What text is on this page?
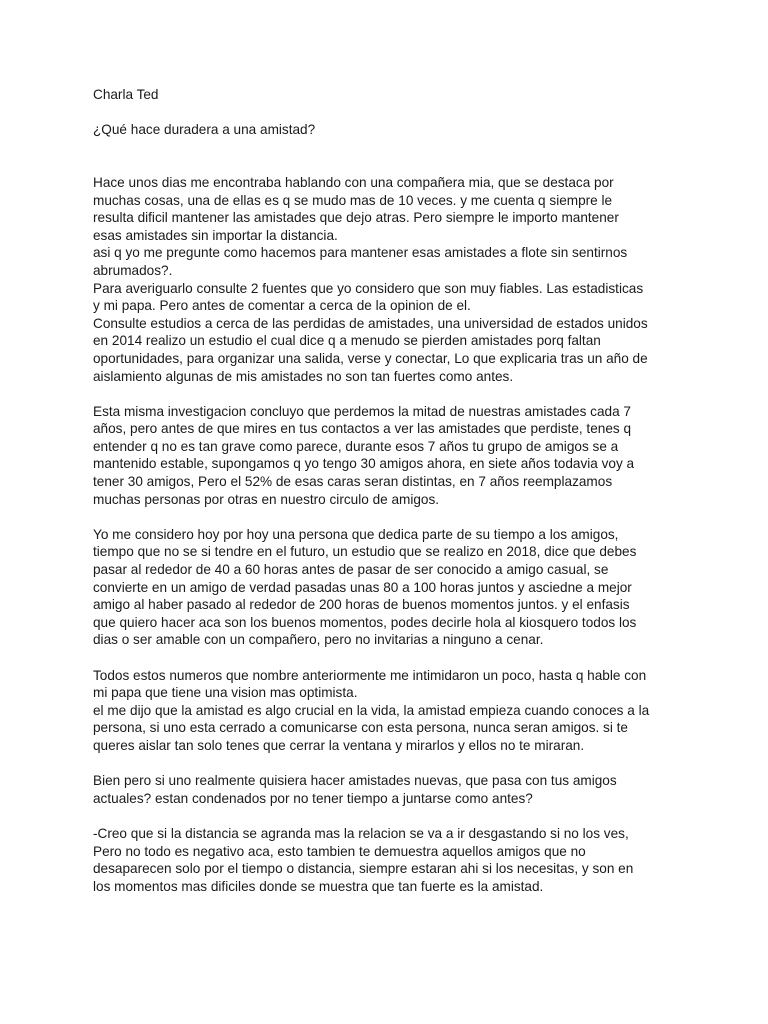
Charla Ted
¿Qué hace duradera a una amistad?
Hace unos dias me encontraba hablando con una compañera mia, que se destaca por
muchas cosas, una de ellas es q se mudo mas de 10 veces. y me cuenta q siempre le
resulta dificil mantener las amistades que dejo atras. Pero siempre le importo mantener
esas amistades sin importar la distancia.
asi q yo me pregunte como hacemos para mantener esas amistades a flote sin sentirnos
abrumados?.
Para averiguarlo consulte 2 fuentes que yo considero que son muy fiables. Las estadisticas
y mi papa. Pero antes de comentar a cerca de la opinion de el.
Consulte estudios a cerca de las perdidas de amistades, una universidad de estados unidos
en 2014 realizo un estudio el cual dice q a menudo se pierden amistades porq faltan
oportunidades, para organizar una salida, verse y conectar, Lo que explicaria tras un año de
aislamiento algunas de mis amistades no son tan fuertes como antes.
Esta misma investigacion concluyo que perdemos la mitad de nuestras amistades cada 7
años, pero antes de que mires en tus contactos a ver las amistades que perdiste, tenes q
entender q no es tan grave como parece, durante esos 7 años tu grupo de amigos se a
mantenido estable, supongamos q yo tengo 30 amigos ahora, en siete años todavia voy a
tener 30 amigos, Pero el 52% de esas caras seran distintas, en 7 años reemplazamos
muchas personas por otras en nuestro circulo de amigos.
Yo me considero hoy por hoy una persona que dedica parte de su tiempo a los amigos,
tiempo que no se si tendre en el futuro, un estudio que se realizo en 2018, dice que debes
pasar al rededor de 40 a 60 horas antes de pasar de ser conocido a amigo casual, se
convierte en un amigo de verdad pasadas unas 80 a 100 horas juntos y asciedne a mejor
amigo al haber pasado al rededor de 200 horas de buenos momentos juntos. y el enfasis
que quiero hacer aca son los buenos momentos, podes decirle hola al kiosquero todos los
dias o ser amable con un compañero, pero no invitarias a ninguno a cenar.
Todos estos numeros que nombre anteriormente me intimidaron un poco, hasta q hable con
mi papa que tiene una vision mas optimista.
el me dijo que la amistad es algo crucial en la vida, la amistad empieza cuando conoces a la
persona, si uno esta cerrado a comunicarse con esta persona, nunca seran amigos. si te
queres aislar tan solo tenes que cerrar la ventana y mirarlos y ellos no te miraran.
Bien pero si uno realmente quisiera hacer amistades nuevas, que pasa con tus amigos
actuales? estan condenados por no tener tiempo a juntarse como antes?
-Creo que si la distancia se agranda mas la relacion se va a ir desgastando si no los ves,
Pero no todo es negativo aca, esto tambien te demuestra aquellos amigos que no
desaparecen solo por el tiempo o distancia, siempre estaran ahi si los necesitas, y son en
los momentos mas dificiles donde se muestra que tan fuerte es la amistad.
